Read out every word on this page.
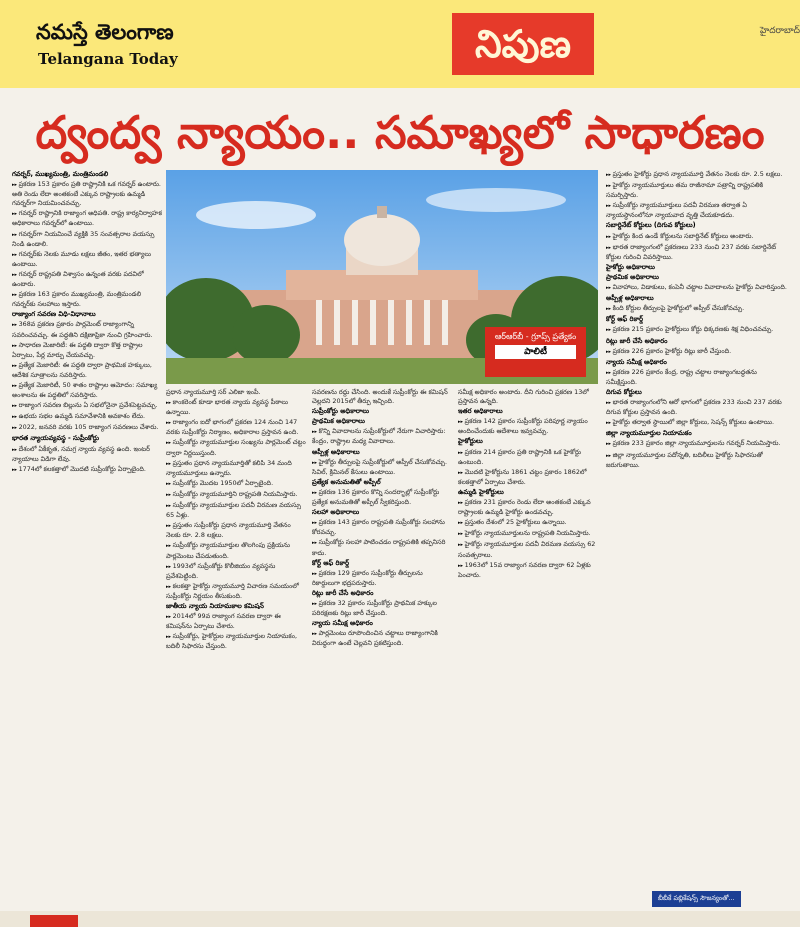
నమస్తే తెలంగాణ
Telangana Today	నిపుణ	హైదరాబాద్
ద్వంద్వ న్యాయం.. సమాఖ్యలో సాధారణం
ఆర్‌ఆర్‌బీ - గ్రూప్స్ ప్రత్యేకం
పాలిటీ

గవర్నర్, ముఖ్యమంత్రి, మంత్రిమండలి

▸▸ ప్రకరణ 153 ప్రకారం ప్రతి రాష్ట్రానికి ఒక గవర్నర్ ఉంటారు. అతి రెండు లేదా అంతకంటే ఎక్కువ రాష్ట్రాలకు ఉమ్మడి గవర్నర్‌గా నియమించవచ్చు.

▸▸ గవర్నర్ రాష్ట్రానికి రాజ్యాంగ అధిపతి. రాష్ట్ర కార్యనిర్వాహక అధికారాలు గవర్నర్‌లో ఉంటాయి.

▸▸ గవర్నర్‌గా నియమించే వ్యక్తికి 35 సంవత్సరాల వయస్సు నిండి ఉండాలి.

▸▸ గవర్నర్‌కు నెలకు మూడు లక్షలు జీతం, ఇతర భత్యాలు ఉంటాయి.

▸▸ గవర్నర్ రాష్ట్రపతి విశ్వాసం ఉన్నంత వరకు పదవిలో ఉంటారు.

▸▸ ప్రకరణ 163 ప్రకారం ముఖ్యమంత్రి, మంత్రిమండలి గవర్నర్‌కు సలహాలు ఇస్తారు.

రాజ్యాంగ సవరణ విధి-విధానాలు

▸▸ 368వ ప్రకరణ ప్రకారం పార్లమెంట్ రాజ్యాంగాన్ని సవరించవచ్చు. ఈ పద్ధతిని దక్షిణాఫ్రికా నుంచి గ్రహించారు.

▸▸ సాధారణ మెజారిటీ: ఈ పద్ధతి ద్వారా కొత్త రాష్ట్రాల ఏర్పాటు, పేర్ల మార్పు చేయవచ్చు.

▸▸ ప్రత్యేక మెజారిటీ: ఈ పద్ధతి ద్వారా ప్రాథమిక హక్కులు, ఆదేశిక సూత్రాలను సవరిస్తారు.

▸▸ ప్రత్యేక మెజారిటీ, 50 శాతం రాష్ట్రాల ఆమోదం: సమాఖ్య అంశాలను ఈ పద్ధతిలో సవరిస్తారు.

▸▸ రాజ్యాంగ సవరణ బిల్లును ఏ సభలోనైనా ప్రవేశపెట్టవచ్చు.

▸▸ ఉభయ సభల ఉమ్మడి సమావేశానికి అవకాశం లేదు.

▸▸ 2022, జనవరి వరకు 105 రాజ్యాంగ సవరణలు చేశారు.

భారత న్యాయవ్యవస్థ - సుప్రీంకోర్టు

▸▸ దేశంలో ఏకీకృత, సమగ్ర న్యాయ వ్యవస్థ ఉంది. ఇంటర్ న్యాయాలు విడిగా లేవు.

▸▸ 1774లో కలకత్తాలో మొదటి సుప్రీంకోర్టు ఏర్పాటైంది.

ప్రధాన న్యాయమూర్తి సర్ ఎలిజా ఇంపీ.

▸▸ కాంకరెంట్ కూడా భారత న్యాయ వ్యవస్థ పీఠాలు ఉన్నాయి.

▸▸ రాజ్యాంగం ఐదో భాగంలో ప్రకరణ 124 నుంచి 147 వరకు సుప్రీంకోర్టు నిర్మాణం, అధికారాల ప్రస్తావన ఉంది.

▸▸ సుప్రీంకోర్టు న్యాయమూర్తుల సంఖ్యను పార్లమెంట్ చట్టం ద్వారా నిర్ణయిస్తుంది.

▸▸ ప్రస్తుతం ప్రధాన న్యాయమూర్తితో కలిపి 34 మంది న్యాయమూర్తులు ఉన్నారు.

▸▸ సుప్రీంకోర్టు మొదట 1950లో ఏర్పాటైంది.

▸▸ సుప్రీంకోర్టు న్యాయమూర్తిని రాష్ట్రపతి నియమిస్తారు.

▸▸ సుప్రీంకోర్టు న్యాయమూర్తుల పదవీ విరమణ వయస్సు 65 ఏళ్లు.

▸▸ ప్రస్తుతం సుప్రీంకోర్టు ప్రధాన న్యాయమూర్తి వేతనం నెలకు రూ. 2.8 లక్షలు.

▸▸ సుప్రీంకోర్టు న్యాయమూర్తుల తొలగింపు ప్రక్రియను పార్లమెంటు చేపడుతుంది.

▸▸ 1993లో సుప్రీంకోర్టు కొలీజియం వ్యవస్థను ప్రవేశపెట్టింది.

▸▸ కలకత్తా హైకోర్టు న్యాయమూర్తి విచారణ సమయంలో సుప్రీంకోర్టు నిర్ణయం తీసుకుంది.

జాతీయ న్యాయ నియామకాల కమిషన్

▸▸ 2014లో 99వ రాజ్యాంగ సవరణ ద్వారా ఈ కమిషన్‌ను ఏర్పాటు చేశారు.

▸▸ సుప్రీంకోర్టు, హైకోర్టుల న్యాయమూర్తుల నియామకం, బదిలీ సిఫారసు చేస్తుంది.

సవరణను రద్దు చేసింది. అందుకే సుప్రీంకోర్టు ఈ కమిషన్ చెల్లదని 2015లో తీర్పు ఇచ్చింది.

సుప్రీంకోర్టు అధికారాలు

ప్రాథమిక అధికారాలు

▸▸ కొన్ని వివాదాలను సుప్రీంకోర్టులో నేరుగా విచారిస్తారు: కేంద్రం, రాష్ట్రాల మధ్య వివాదాలు.

అప్పీళ్ల అధికారాలు

▸▸ హైకోర్టు తీర్పులపై సుప్రీంకోర్టులో అప్పీల్ చేసుకోవచ్చు. సివిల్, క్రిమినల్ కేసులు ఉంటాయి.

ప్రత్యేక అనుమతితో అప్పీల్

▸▸ ప్రకరణ 136 ప్రకారం కొన్ని సందర్భాల్లో సుప్రీంకోర్టు ప్రత్యేక అనుమతితో అప్పీల్ స్వీకరిస్తుంది.

సలహా అధికారాలు

▸▸ ప్రకరణ 143 ప్రకారం రాష్ట్రపతి సుప్రీంకోర్టు సలహాను కోరవచ్చు.

▸▸ సుప్రీంకోర్టు సలహా పాటించడం రాష్ట్రపతికి తప్పనిసరి కాదు.

కోర్ట్ ఆఫ్ రికార్డ్

▸▸ ప్రకరణ 129 ప్రకారం సుప్రీంకోర్టు తీర్పులను రికార్డులుగా భద్రపరుస్తారు.

రిట్లు జారీ చేసే అధికారం

▸▸ ప్రకరణ 32 ప్రకారం సుప్రీంకోర్టు ప్రాథమిక హక్కుల పరిరక్షణకు రిట్లు జారీ చేస్తుంది.

న్యాయ సమీక్ష అధికారం

▸▸ పార్లమెంటు రూపొందించిన చట్టాలు రాజ్యాంగానికి విరుద్ధంగా ఉంటే చెల్లవని ప్రకటిస్తుంది.

సమీక్ష అధికారం అంటారు. దీని గురించి ప్రకరణ 13లో ప్రస్తావన ఉన్నది.

ఇతర అధికారాలు

▸▸ ప్రకరణ 142 ప్రకారం సుప్రీంకోర్టు పరిపూర్ణ న్యాయం అందించేందుకు ఆదేశాలు ఇవ్వవచ్చు.

హైకోర్టులు

▸▸ ప్రకరణ 214 ప్రకారం ప్రతి రాష్ట్రానికి ఒక హైకోర్టు ఉంటుంది.

▸▸ మొదటి హైకోర్టును 1861 చట్టం ప్రకారం 1862లో కలకత్తాలో ఏర్పాటు చేశారు.

ఉమ్మడి హైకోర్టులు

▸▸ ప్రకరణ 231 ప్రకారం రెండు లేదా అంతకంటే ఎక్కువ రాష్ట్రాలకు ఉమ్మడి హైకోర్టు ఉండవచ్చు.

▸▸ ప్రస్తుతం దేశంలో 25 హైకోర్టులు ఉన్నాయి.

▸▸ హైకోర్టు న్యాయమూర్తులను రాష్ట్రపతి నియమిస్తారు.

▸▸ హైకోర్టు న్యాయమూర్తుల పదవీ విరమణ వయస్సు 62 సంవత్సరాలు.

▸▸ 1963లో 15వ రాజ్యాంగ సవరణ ద్వారా 62 ఏళ్లకు పెంచారు.

▸▸ ప్రస్తుతం హైకోర్టు ప్రధాన న్యాయమూర్తి వేతనం నెలకు రూ. 2.5 లక్షలు.

▸▸ హైకోర్టు న్యాయమూర్తులు తమ రాజీనామా పత్రాన్ని రాష్ట్రపతికి సమర్పిస్తారు.

▸▸ సుప్రీంకోర్టు న్యాయమూర్తులు పదవీ విరమణ తర్వాత ఏ న్యాయస్థానంలోనూ న్యాయవాద వృత్తి చేయకూడదు.

సబార్డినేట్ కోర్టులు (దిగువ కోర్టులు)

▸▸ హైకోర్టు కింద ఉండే కోర్టులను సబార్డినేట్ కోర్టులు అంటారు.

▸▸ భారత రాజ్యాంగంలో ప్రకరణలు 233 నుంచి 237 వరకు సబార్డినేట్ కోర్టుల గురించి వివరిస్తాయి.

హైకోర్టు అధికారాలు

ప్రాథమిక అధికారాలు

▸▸ వివాహాలు, విడాకులు, కంపెనీ చట్టాల వివాదాలను హైకోర్టు విచారిస్తుంది.

అప్పీళ్ల అధికారాలు

▸▸ కింది కోర్టుల తీర్పులపై హైకోర్టులో అప్పీల్ చేసుకోవచ్చు.

కోర్ట్ ఆఫ్ రికార్డ్

▸▸ ప్రకరణ 215 ప్రకారం హైకోర్టులు కోర్టు ధిక్కరణకు శిక్ష విధించవచ్చు.

రిట్లు జారీ చేసే అధికారం

▸▸ ప్రకరణ 226 ప్రకారం హైకోర్టు రిట్లు జారీ చేస్తుంది.

న్యాయ సమీక్ష అధికారం

▸▸ ప్రకరణ 226 ప్రకారం కేంద్ర, రాష్ట్ర చట్టాల రాజ్యాంగబద్ధతను సమీక్షిస్తుంది.

దిగువ కోర్టులు

▸▸ భారత రాజ్యాంగంలోని ఆరో భాగంలో ప్రకరణ 233 నుంచి 237 వరకు దిగువ కోర్టుల ప్రస్తావన ఉంది.

▸▸ హైకోర్టు తర్వాత స్థాయిలో జిల్లా కోర్టులు, సెషన్స్ కోర్టులు ఉంటాయి.

జిల్లా న్యాయమూర్తుల నియామకం

▸▸ ప్రకరణ 233 ప్రకారం జిల్లా న్యాయమూర్తులను గవర్నర్ నియమిస్తారు.

▸▸ జిల్లా న్యాయమూర్తుల పదోన్నతి, బదిలీలు హైకోర్టు సిఫారసుతో జరుగుతాయి.

బీబీకే పబ్లికేషన్స్ సౌజన్యంతో...
